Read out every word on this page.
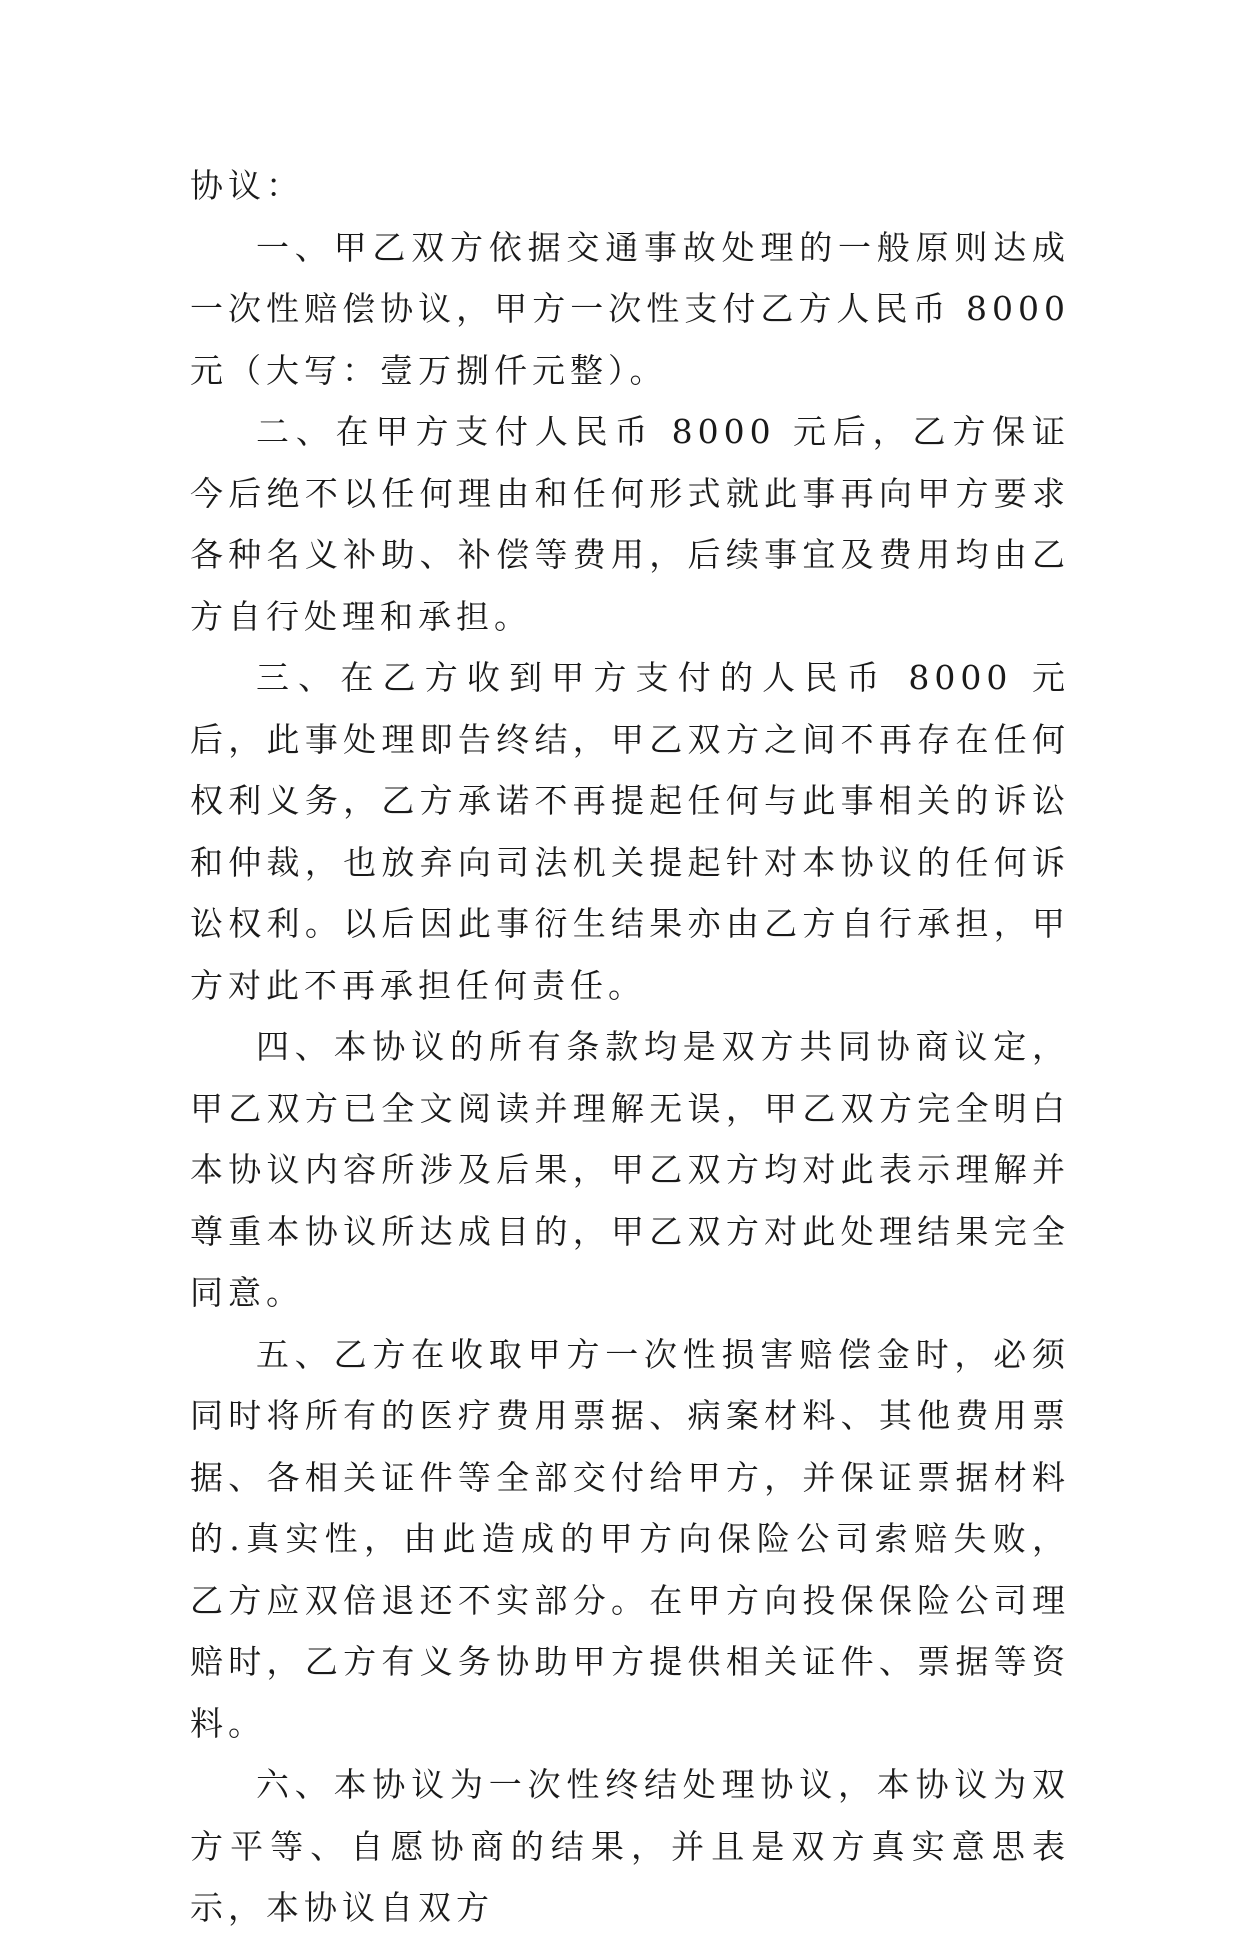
协议：

一、甲乙双方依据交通事故处理的一般原则达成一次性赔偿协议，甲方一次性支付乙方人民币 8000 元（大写：壹万捌仟元整）。

二、在甲方支付人民币 8000 元后，乙方保证今后绝不以任何理由和任何形式就此事再向甲方要求各种名义补助、补偿等费用，后续事宜及费用均由乙方自行处理和承担。

三、在乙方收到甲方支付的人民币 8000 元后，此事处理即告终结，甲乙双方之间不再存在任何权利义务，乙方承诺不再提起任何与此事相关的诉讼和仲裁，也放弃向司法机关提起针对本协议的任何诉讼权利。以后因此事衍生结果亦由乙方自行承担，甲方对此不再承担任何责任。

四、本协议的所有条款均是双方共同协商议定，甲乙双方已全文阅读并理解无误，甲乙双方完全明白本协议内容所涉及后果，甲乙双方均对此表示理解并尊重本协议所达成目的，甲乙双方对此处理结果完全同意。

五、乙方在收取甲方一次性损害赔偿金时，必须同时将所有的医疗费用票据、病案材料、其他费用票据、各相关证件等全部交付给甲方，并保证票据材料的.真实性，由此造成的甲方向保险公司索赔失败，乙方应双倍退还不实部分。在甲方向投保保险公司理赔时，乙方有义务协助甲方提供相关证件、票据等资料。

六、本协议为一次性终结处理协议，本协议为双方平等、自愿协商的结果，并且是双方真实意思表示，本协议自双方
